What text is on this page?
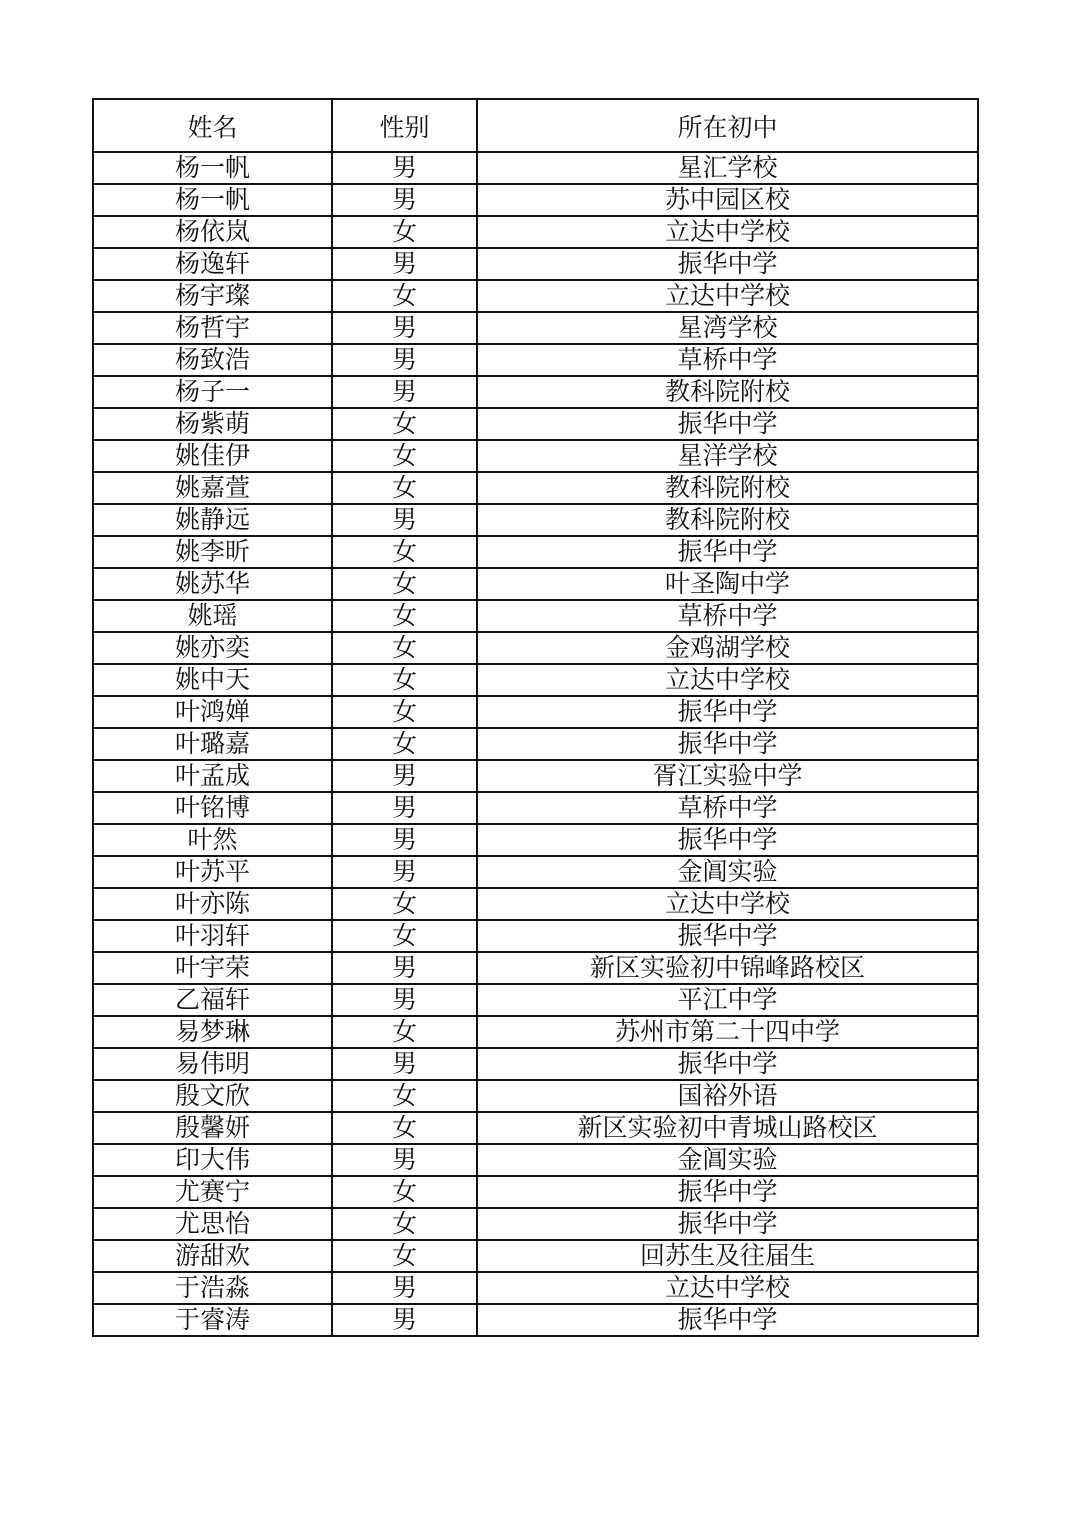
姓名	性别	所在初中
杨一帆	男	星汇学校
杨一帆	男	苏中园区校
杨依岚	女	立达中学校
杨逸轩	男	振华中学
杨宇璨	女	立达中学校
杨哲宇	男	星湾学校
杨致浩	男	草桥中学
杨子一	男	教科院附校
杨紫萌	女	振华中学
姚佳伊	女	星洋学校
姚嘉萱	女	教科院附校
姚静远	男	教科院附校
姚李昕	女	振华中学
姚苏华	女	叶圣陶中学
姚瑶	女	草桥中学
姚亦奕	女	金鸡湖学校
姚中天	女	立达中学校
叶鸿婵	女	振华中学
叶璐嘉	女	振华中学
叶孟成	男	胥江实验中学
叶铭博	男	草桥中学
叶然	男	振华中学
叶苏平	男	金阊实验
叶亦陈	女	立达中学校
叶羽轩	女	振华中学
叶宇荣	男	新区实验初中锦峰路校区
乙福轩	男	平江中学
易梦琳	女	苏州市第二十四中学
易伟明	男	振华中学
殷文欣	女	国裕外语
殷馨妍	女	新区实验初中青城山路校区
印大伟	男	金阊实验
尤赛宁	女	振华中学
尤思怡	女	振华中学
游甜欢	女	回苏生及往届生
于浩淼	男	立达中学校
于睿涛	男	振华中学
